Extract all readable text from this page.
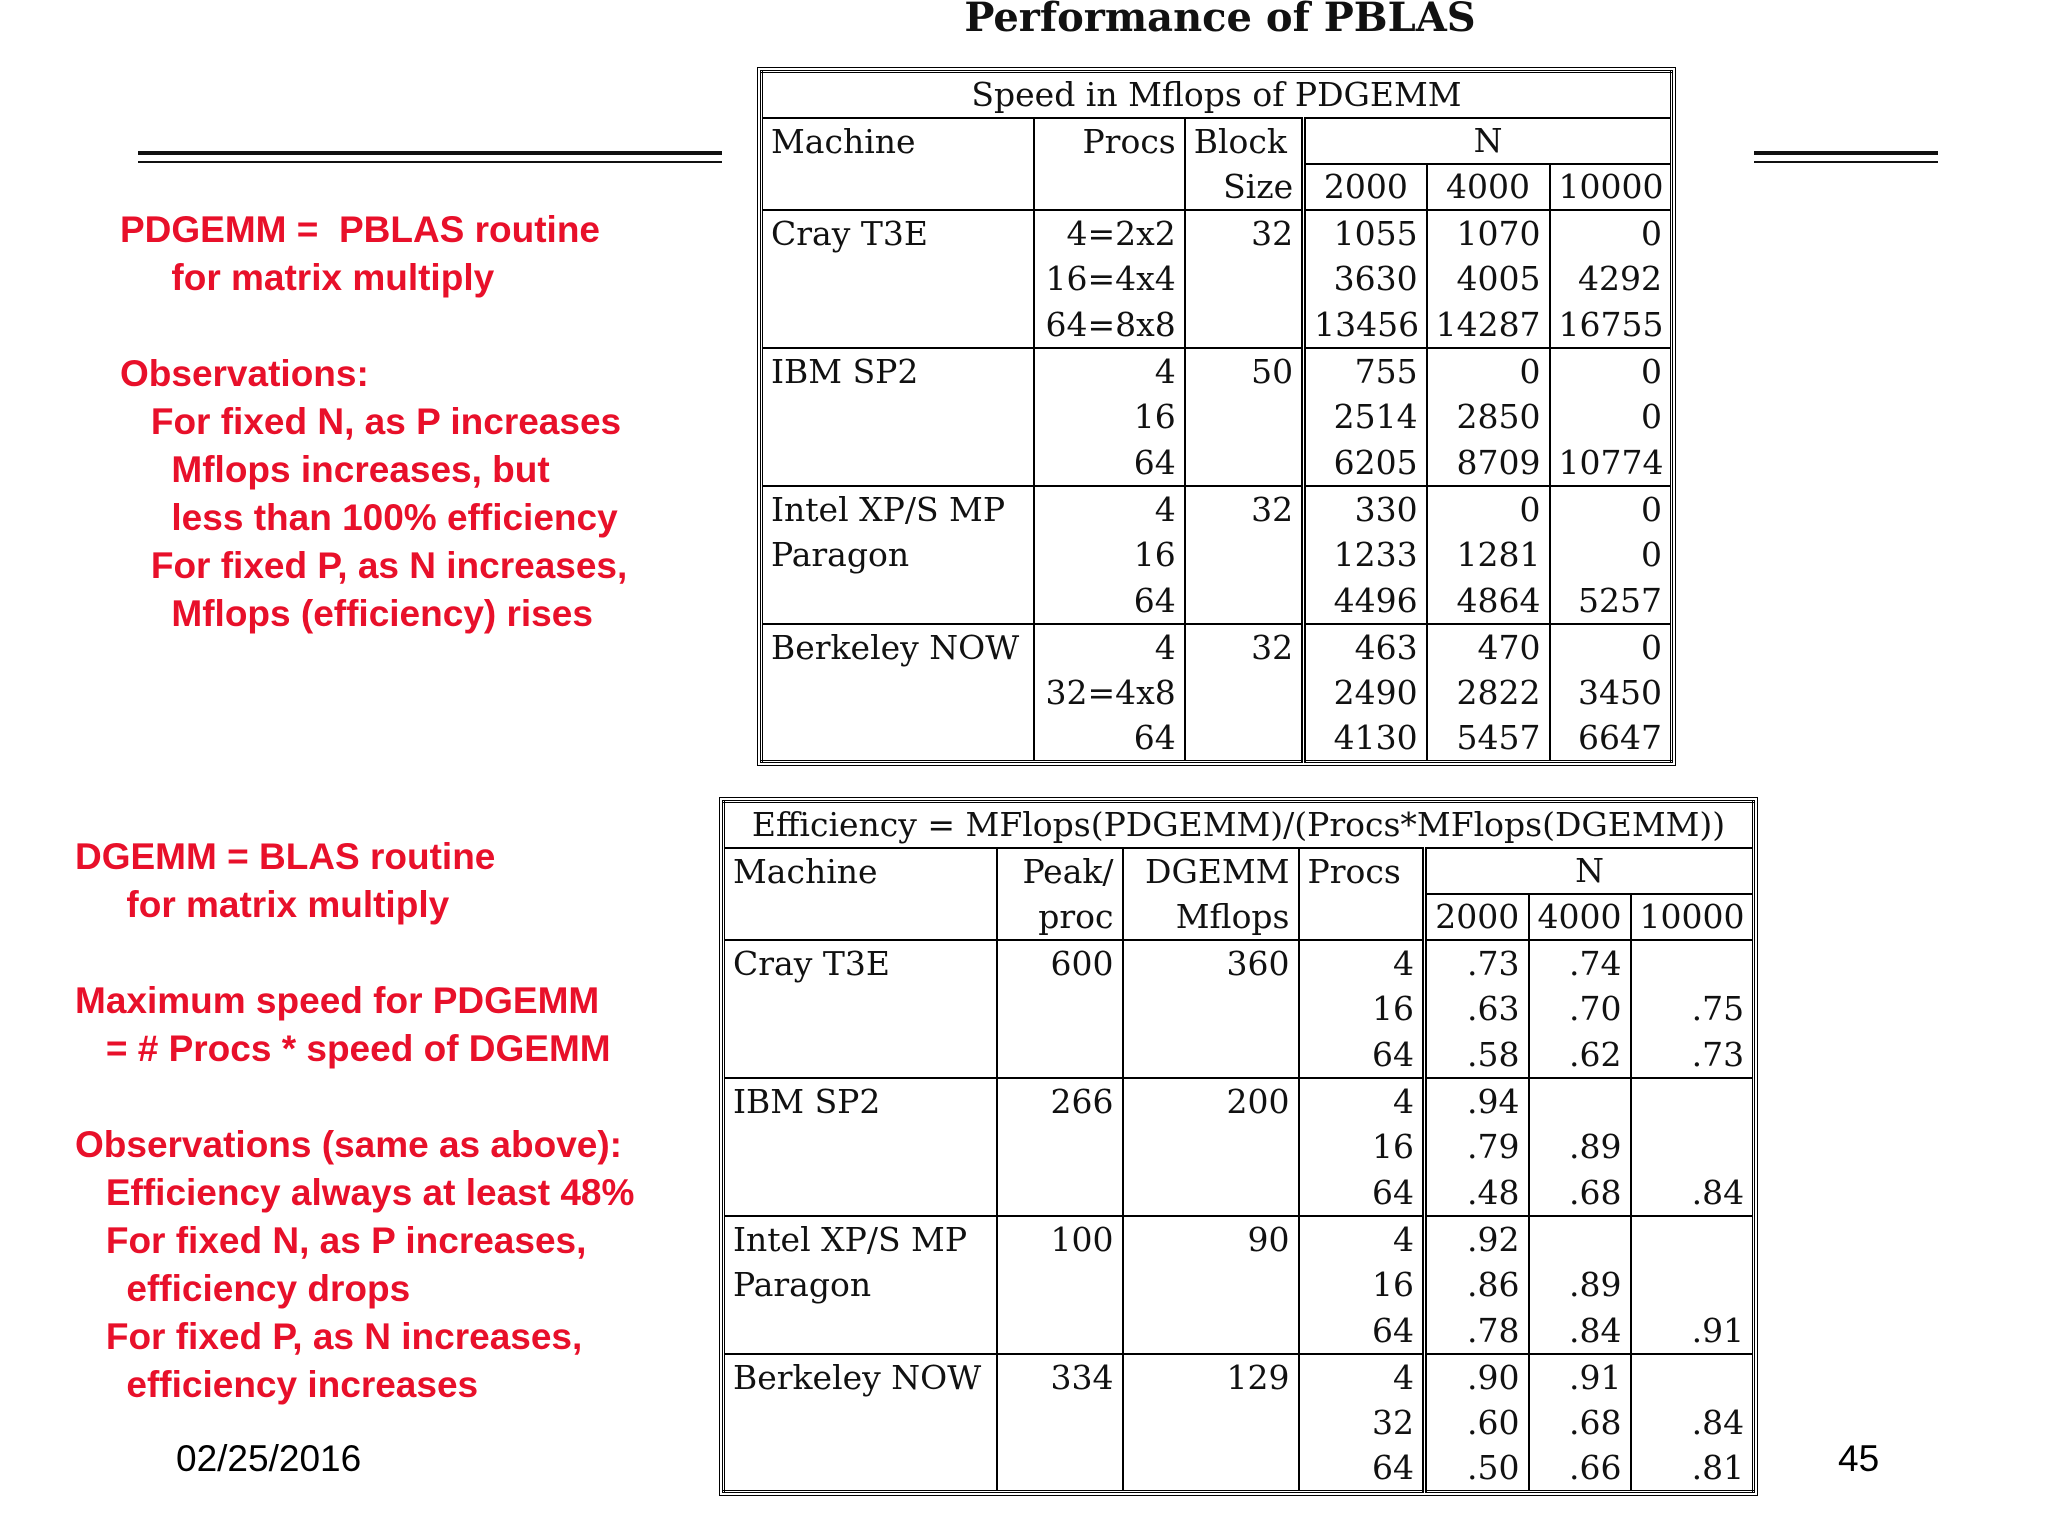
Performance of PBLAS
PDGEMM =  PBLAS routine
for matrix multiply
Observations:
For fixed N, as P increases
Mflops increases, but
less than 100% efficiency
For fixed P, as N increases,
Mflops (efficiency) rises
DGEMM = BLAS routine
for matrix multiply
Maximum speed for PDGEMM
= # Procs * speed of DGEMM
Observations (same as above):
Efficiency always at least 48%
For fixed N, as P increases,
efficiency drops
For fixed P, as N increases,
efficiency increases
Speed in Mflops of PDGEMM					
Machine	Procs	Block	N		
		Size	2000	4000	10000
Cray T3E	4=2x2	32	1055	1070	0
	16=4x4		3630	4005	4292
	64=8x8		13456	14287	16755
IBM SP2	4	50	755	0	0
	16		2514	2850	0
	64		6205	8709	10774
Intel XP/S MP	4	32	330	0	0
Paragon	16		1233	1281	0
	64		4496	4864	5257
Berkeley NOW	4	32	463	470	0
	32=4x8		2490	2822	3450
	64		4130	5457	6647
Efficiency = MFlops(PDGEMM)/(Procs*MFlops(DGEMM))						
Machine	Peak/	DGEMM	Procs	N		
	proc	Mflops		2000	4000	10000
Cray T3E	600	360	4	.73	.74	
			16	.63	.70	.75
			64	.58	.62	.73
IBM SP2	266	200	4	.94		
			16	.79	.89	
			64	.48	.68	.84
Intel XP/S MP	100	90	4	.92		
Paragon			16	.86	.89	
			64	.78	.84	.91
Berkeley NOW	334	129	4	.90	.91	
			32	.60	.68	.84
			64	.50	.66	.81
02/25/2016	45
